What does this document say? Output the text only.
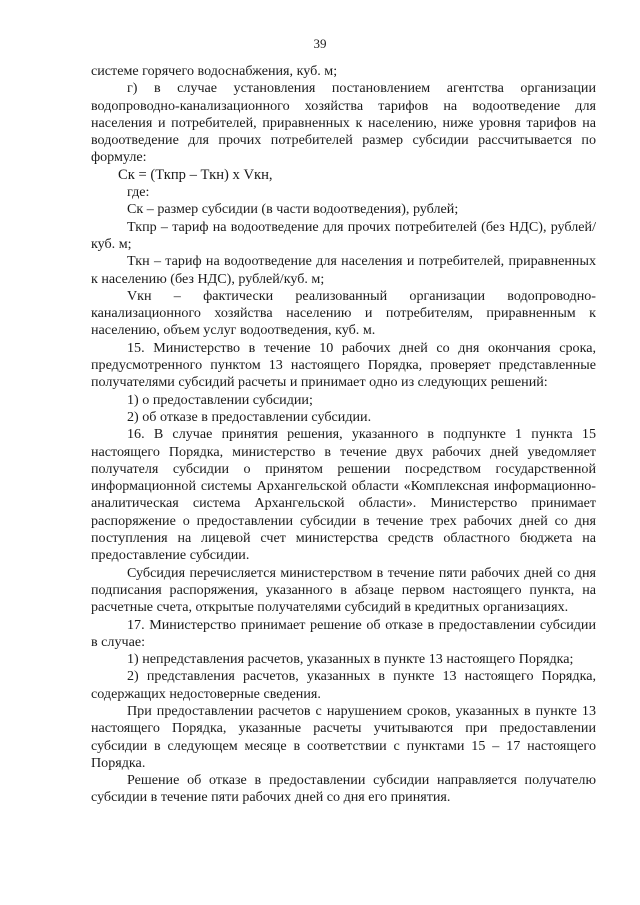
39

системе горячего водоснабжения, куб. м;

г) в случае установления постановлением агентства организации водопроводно-канализационного хозяйства тарифов на водоотведение для населения и потребителей, приравненных к населению, ниже уровня тарифов на водоотведение для прочих потребителей размер субсидии рассчитывается по формуле:

Ск = (Ткпр – Ткн) х Vкн,

где:

Ск – размер субсидии (в части водоотведения), рублей;

Ткпр – тариф на водоотведение для прочих потребителей (без НДС), рублей/куб. м;

Ткн – тариф на водоотведение для населения и потребителей, приравненных к населению (без НДС), рублей/куб. м;

Vкн – фактически реализованный организации водопроводно-канализационного хозяйства населению и потребителям, приравненным к населению, объем услуг водоотведения, куб. м.

15. Министерство в течение 10 рабочих дней со дня окончания срока, предусмотренного пунктом 13 настоящего Порядка, проверяет представленные получателями субсидий расчеты и принимает одно из следующих решений:

1) о предоставлении субсидии;

2) об отказе в предоставлении субсидии.

16. В случае принятия решения, указанного в подпункте 1 пункта 15 настоящего Порядка, министерство в течение двух рабочих дней уведомляет получателя субсидии о принятом решении посредством государственной информационной системы Архангельской области «Комплексная информационно-аналитическая система Архангельской области». Министерство принимает распоряжение о предоставлении субсидии в течение трех рабочих дней со дня поступления на лицевой счет министерства средств областного бюджета на предоставление субсидии.

Субсидия перечисляется министерством в течение пяти рабочих дней со дня подписания распоряжения, указанного в абзаце первом настоящего пункта, на расчетные счета, открытые получателями субсидий в кредитных организациях.

17. Министерство принимает решение об отказе в предоставлении субсидии в случае:

1) непредставления расчетов, указанных в пункте 13 настоящего Порядка;

2) представления расчетов, указанных в пункте 13 настоящего Порядка, содержащих недостоверные сведения.

При предоставлении расчетов с нарушением сроков, указанных в пункте 13 настоящего Порядка, указанные расчеты учитываются при предоставлении субсидии в следующем месяце в соответствии с пунктами 15 – 17 настоящего Порядка.

Решение об отказе в предоставлении субсидии направляется получателю субсидии в течение пяти рабочих дней со дня его принятия.
